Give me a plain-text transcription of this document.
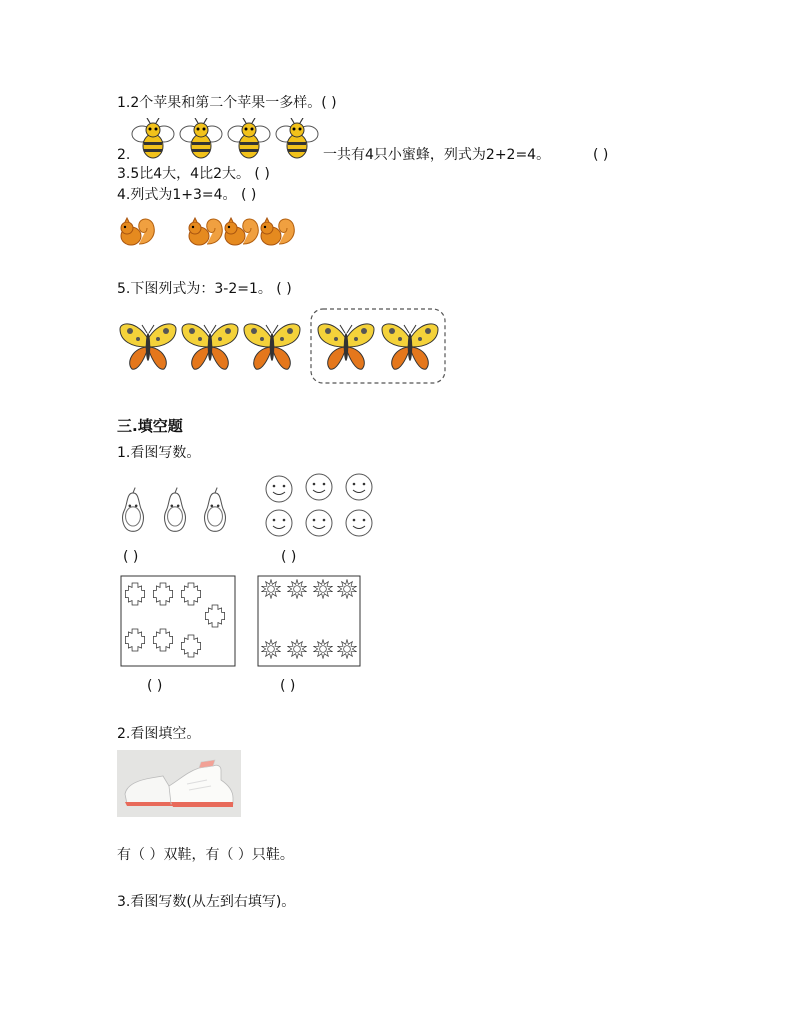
1.2个苹果和第二个苹果一多样。( )
2.	一共有4只小蜜蜂，列式为2+2=4。	( )
3.5比4大，4比2大。 ( )
4.列式为1+3=4。 ( )
5.下图列式为：3-2=1。 ( )
三.填空题
1.看图写数。
( )	( )
( )	( )
2.看图填空。
有（ ）双鞋，有（ ）只鞋。
3.看图写数(从左到右填写)。
